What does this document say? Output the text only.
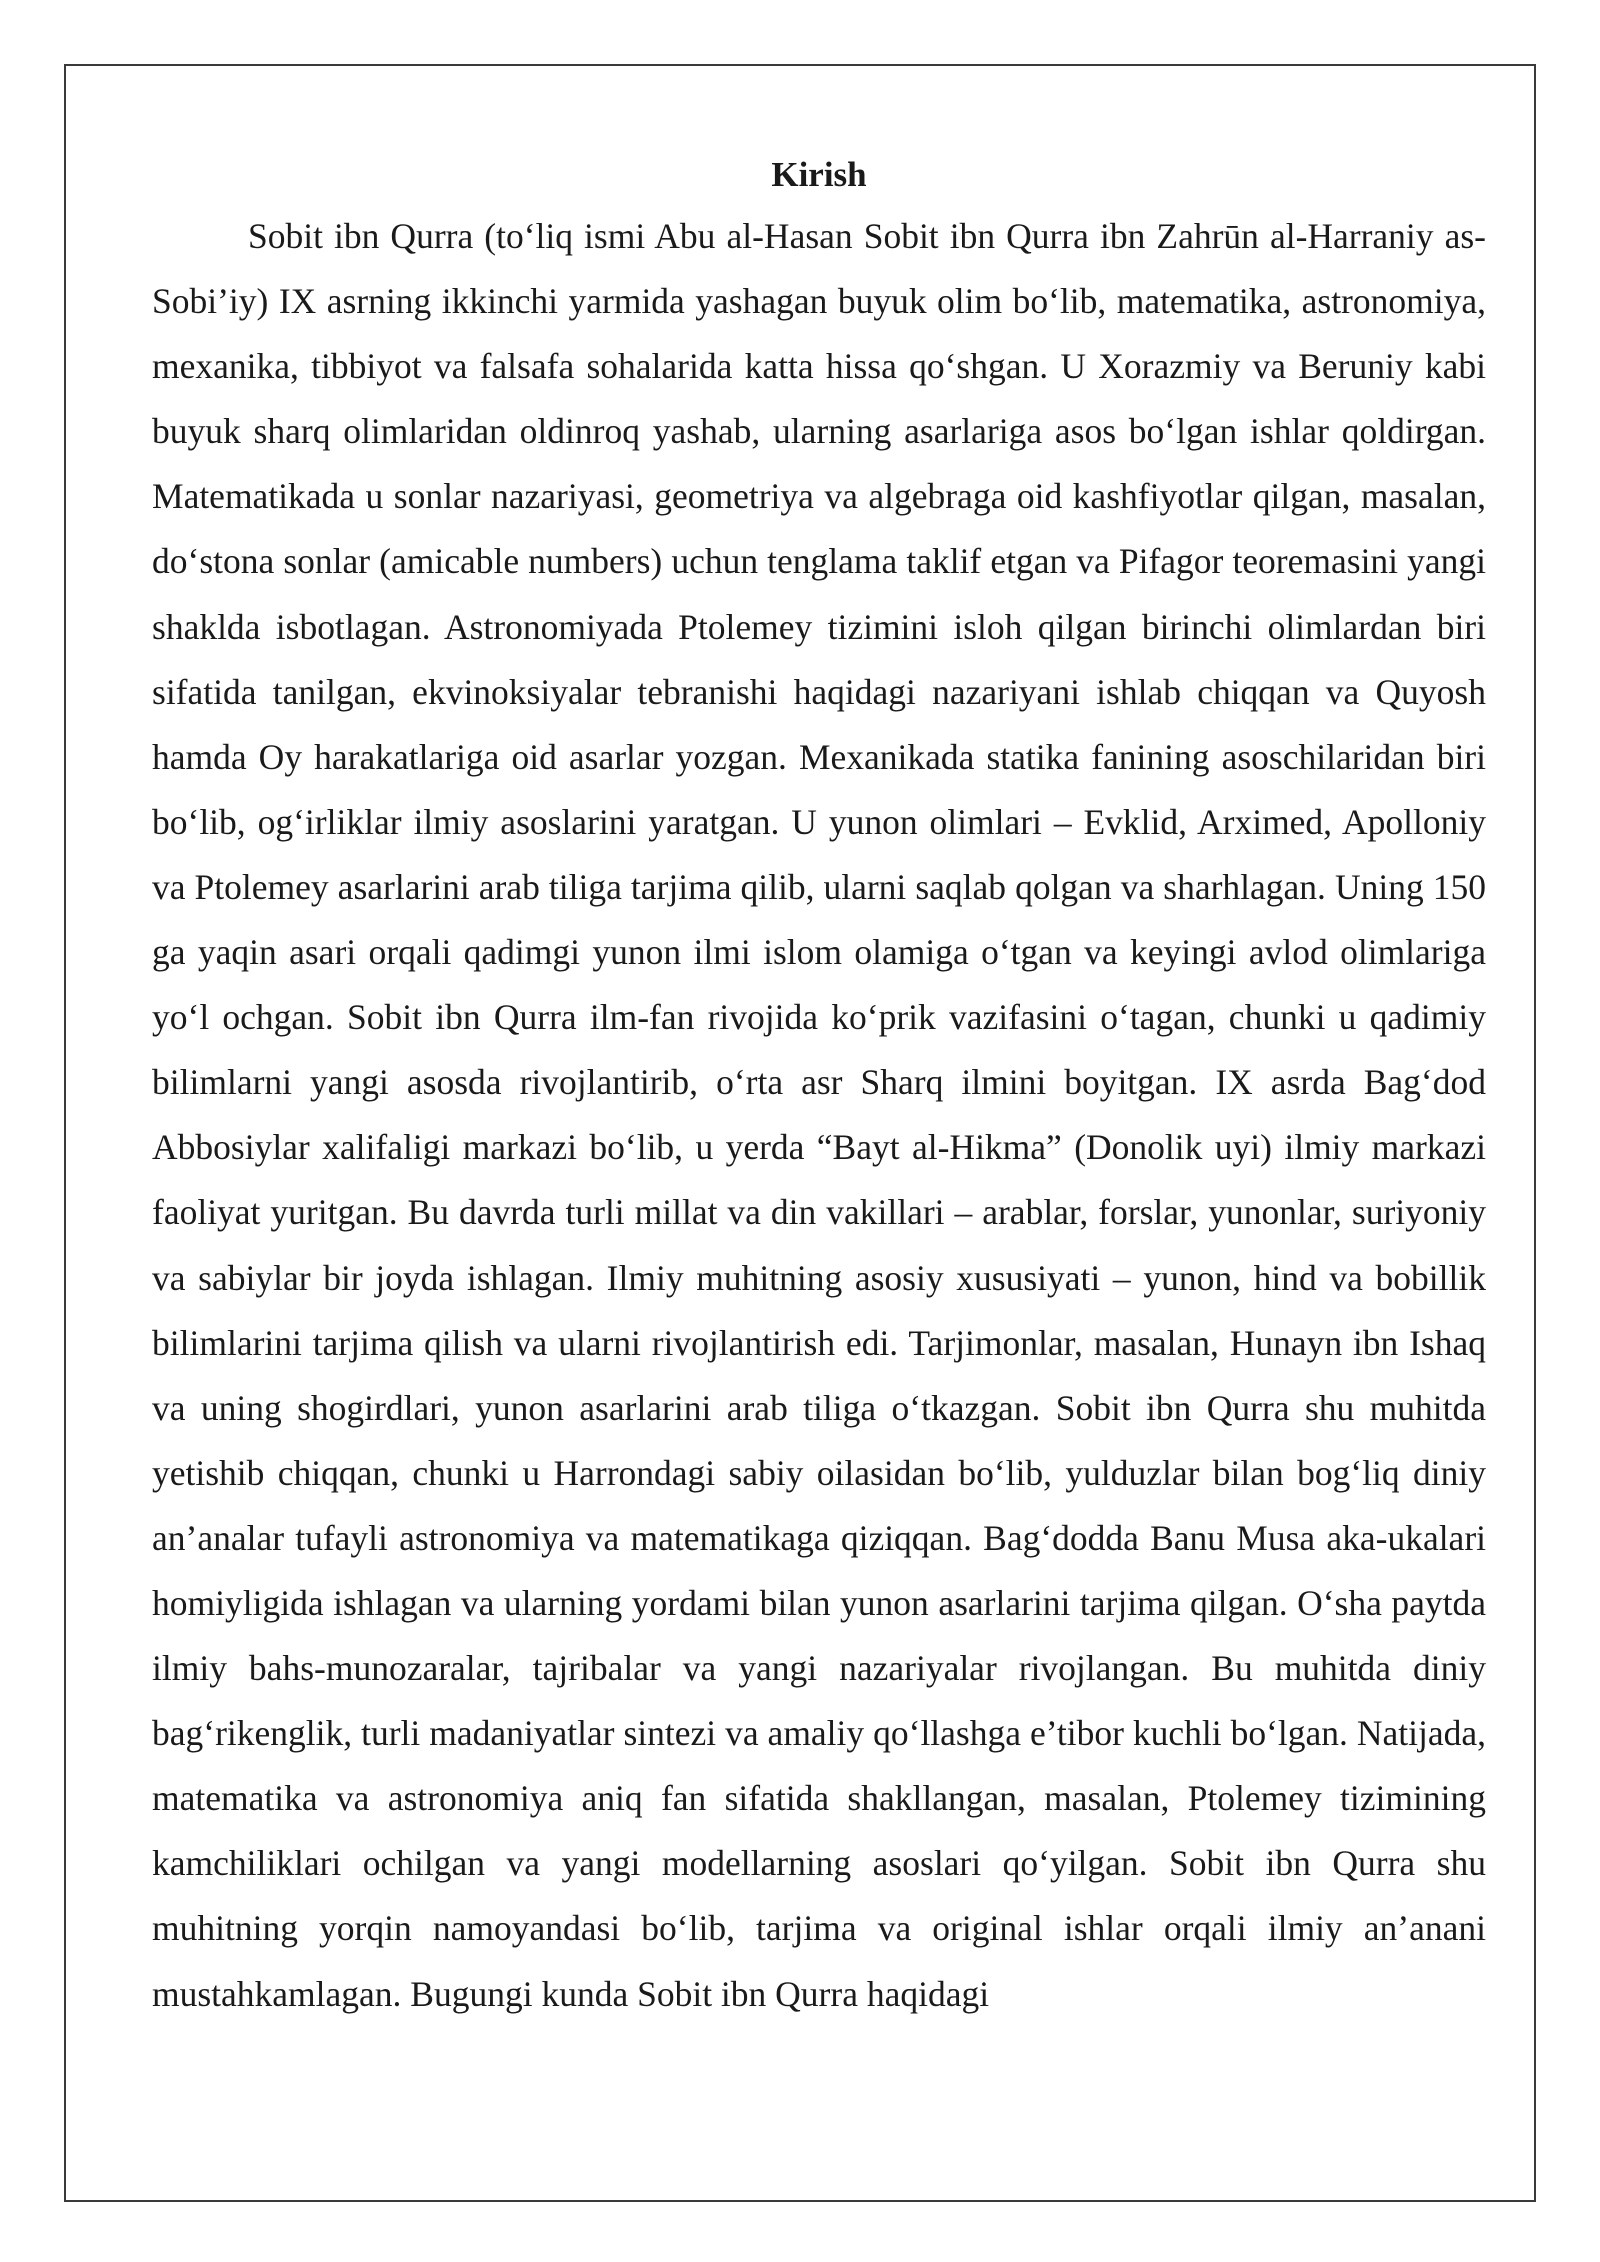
Kirish

Sobit ibn Qurra (to‘liq ismi Abu al-Hasan Sobit ibn Qurra ibn Zahrūn al-Harraniy as-Sobi’iy) IX asrning ikkinchi yarmida yashagan buyuk olim bo‘lib, matematika, astronomiya, mexanika, tibbiyot va falsafa sohalarida katta hissa qo‘shgan. U Xorazmiy va Beruniy kabi buyuk sharq olimlaridan oldinroq yashab, ularning asarlariga asos bo‘lgan ishlar qoldirgan. Matematikada u sonlar nazariyasi, geometriya va algebraga oid kashfiyotlar qilgan, masalan, do‘stona sonlar (amicable numbers) uchun tenglama taklif etgan va Pifagor teoremasini yangi shakldа isbotlagan. Astronomiyada Ptolemey tizimini isloh qilgan birinchi olimlardan biri sifatida tanilgan, ekvinoksiyalar tebranishi haqidagi nazariyani ishlab chiqqan va Quyosh hamda Oy harakatlariga oid asarlar yozgan. Mexanikada statika fanining asoschilaridan biri bo‘lib, og‘irliklar ilmiy asoslarini yaratgan. U yunon olimlari – Evklid, Arximed, Apolloniy va Ptolemey asarlarini arab tiliga tarjima qilib, ularni saqlab qolgan va sharhlagan. Uning 150 ga yaqin asari orqali qadimgi yunon ilmi islom olamiga o‘tgan va keyingi avlod olimlariga yo‘l ochgan. Sobit ibn Qurra ilm-fan rivojida ko‘prik vazifasini o‘tagan, chunki u qadimiy bilimlarni yangi asosda rivojlantirib, o‘rta asr Sharq ilmini boyitgan. IX asrda Bag‘dod Abbosiylar xalifaligi markazi bo‘lib, u yerda “Bayt al-Hikma” (Donolik uyi) ilmiy markazi faoliyat yuritgan. Bu davrda turli millat va din vakillari – arablar, forslar, yunonlar, suriyoniy va sabiylar bir joyda ishlagan. Ilmiy muhitning asosiy xususiyati – yunon, hind va bobillik bilimlarini tarjima qilish va ularni rivojlantirish edi. Tarjimonlar, masalan, Hunayn ibn Ishaq va uning shogirdlari, yunon asarlarini arab tiliga o‘tkazgan. Sobit ibn Qurra shu muhitda yetishib chiqqan, chunki u Harrondagi sabiy oilasidan bo‘lib, yulduzlar bilan bog‘liq diniy an’analar tufayli astronomiya va matematikaga qiziqqan. Bag‘dodda Banu Musa aka-ukalari homiyligida ishlagan va ularning yordami bilan yunon asarlarini tarjima qilgan. O‘sha paytda ilmiy bahs-munozaralar, tajribalar va yangi nazariyalar rivojlangan. Bu muhitda diniy bag‘rikenglik, turli madaniyatlar sintezi va amaliy qo‘llashga e’tibor kuchli bo‘lgan. Natijada, matematika va astronomiya aniq fan sifatida shakllangan, masalan, Ptolemey tizimining kamchiliklari ochilgan va yangi modellarning asoslari qo‘yilgan. Sobit ibn Qurra shu muhitning yorqin namoyandasi bo‘lib, tarjima va original ishlar orqali ilmiy an’anani mustahkamlagan. Bugungi kunda Sobit ibn Qurra haqidagi
